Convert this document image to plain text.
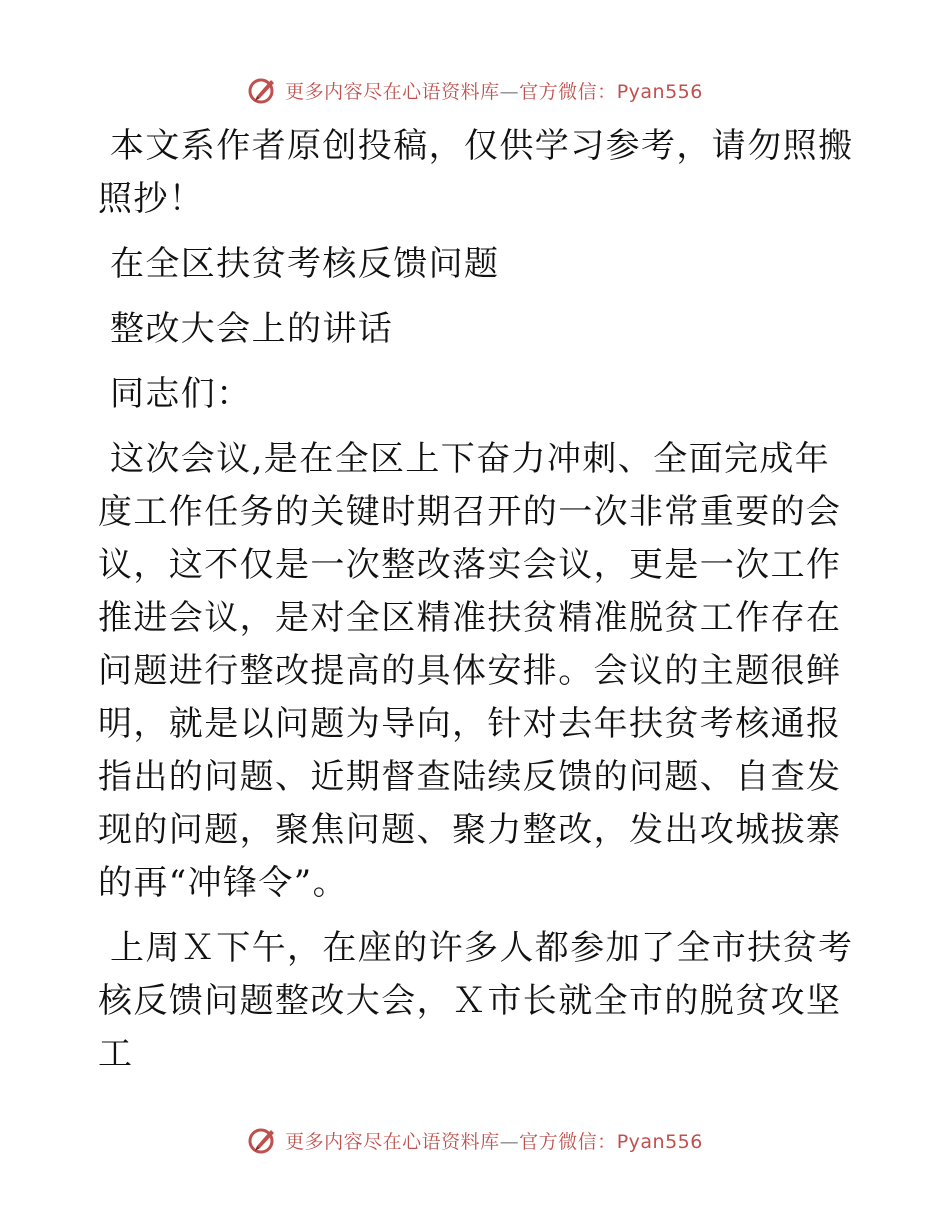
更多内容尽在心语资料库—官方微信：Pyan556

本文系作者原创投稿，仅供学习参考，请勿照搬照抄！

在全区扶贫考核反馈问题

整改大会上的讲话

同志们：

这次会议,是在全区上下奋力冲刺、全面完成年度工作任务的关键时期召开的一次非常重要的会议，这不仅是一次整改落实会议，更是一次工作推进会议，是对全区精准扶贫精准脱贫工作存在问题进行整改提高的具体安排。会议的主题很鲜明，就是以问题为导向，针对去年扶贫考核通报指出的问题、近期督查陆续反馈的问题、自查发现的问题，聚焦问题、聚力整改，发出攻城拔寨的再“冲锋令”。

上周Ｘ下午，在座的许多人都参加了全市扶贫考核反馈问题整改大会，Ｘ市长就全市的脱贫攻坚工

更多内容尽在心语资料库—官方微信：Pyan556
